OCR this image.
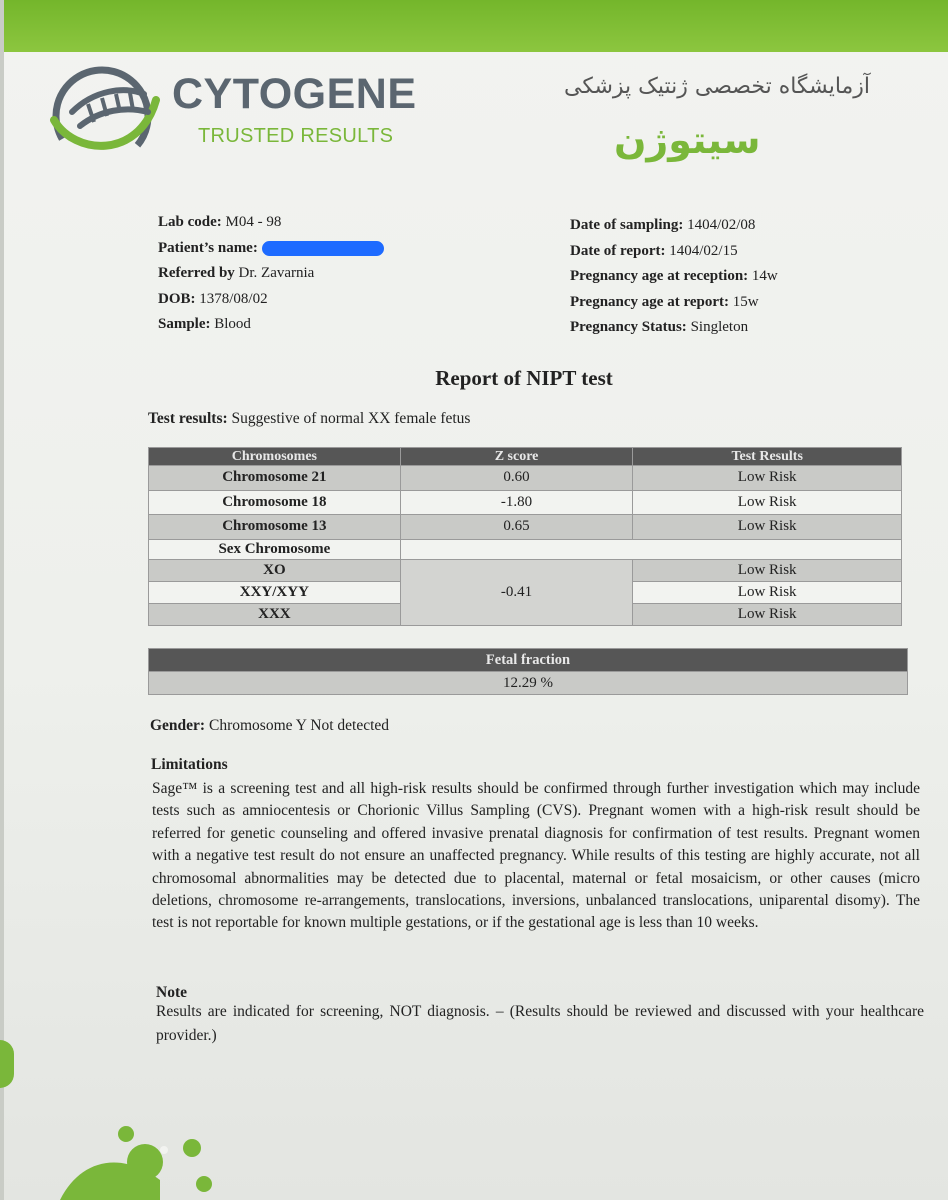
CYTOGENE
TRUSTED RESULTS
آزمایشگاه تخصصی ژنتیک پزشکی
سیتوژن
Lab code: M04 - 98
Patient’s name:
Referred by Dr. Zavarnia
DOB: 1378/08/02
Sample: Blood
Date of sampling: 1404/02/08
Date of report: 1404/02/15
Pregnancy age at reception: 14w
Pregnancy age at report: 15w
Pregnancy Status: Singleton
Report of NIPT test
Test results: Suggestive of normal XX female fetus
Chromosomes	Z score	Test Results
Chromosome 21	0.60	Low Risk
Chromosome 18	-1.80	Low Risk
Chromosome 13	0.65	Low Risk
Sex Chromosome		
XO	-0.41	Low Risk
XXY/XYY		Low Risk
XXX		Low Risk
Fetal fraction
12.29 %
Gender: Chromosome Y Not detected
Limitations
Sage™ is a screening test and all high-risk results should be confirmed through further investigation which may include tests such as amniocentesis or Chorionic Villus Sampling (CVS). Pregnant women with a high-risk result should be referred for genetic counseling and offered invasive prenatal diagnosis for confirmation of test results. Pregnant women with a negative test result do not ensure an unaffected pregnancy. While results of this testing are highly accurate, not all chromosomal abnormalities may be detected due to placental, maternal or fetal mosaicism, or other causes (micro deletions, chromosome re-arrangements, translocations, inversions, unbalanced translocations, uniparental disomy). The test is not reportable for known multiple gestations, or if the gestational age is less than 10 weeks.
Note
Results are indicated for screening, NOT diagnosis. – (Results should be reviewed and discussed with your healthcare provider.)
